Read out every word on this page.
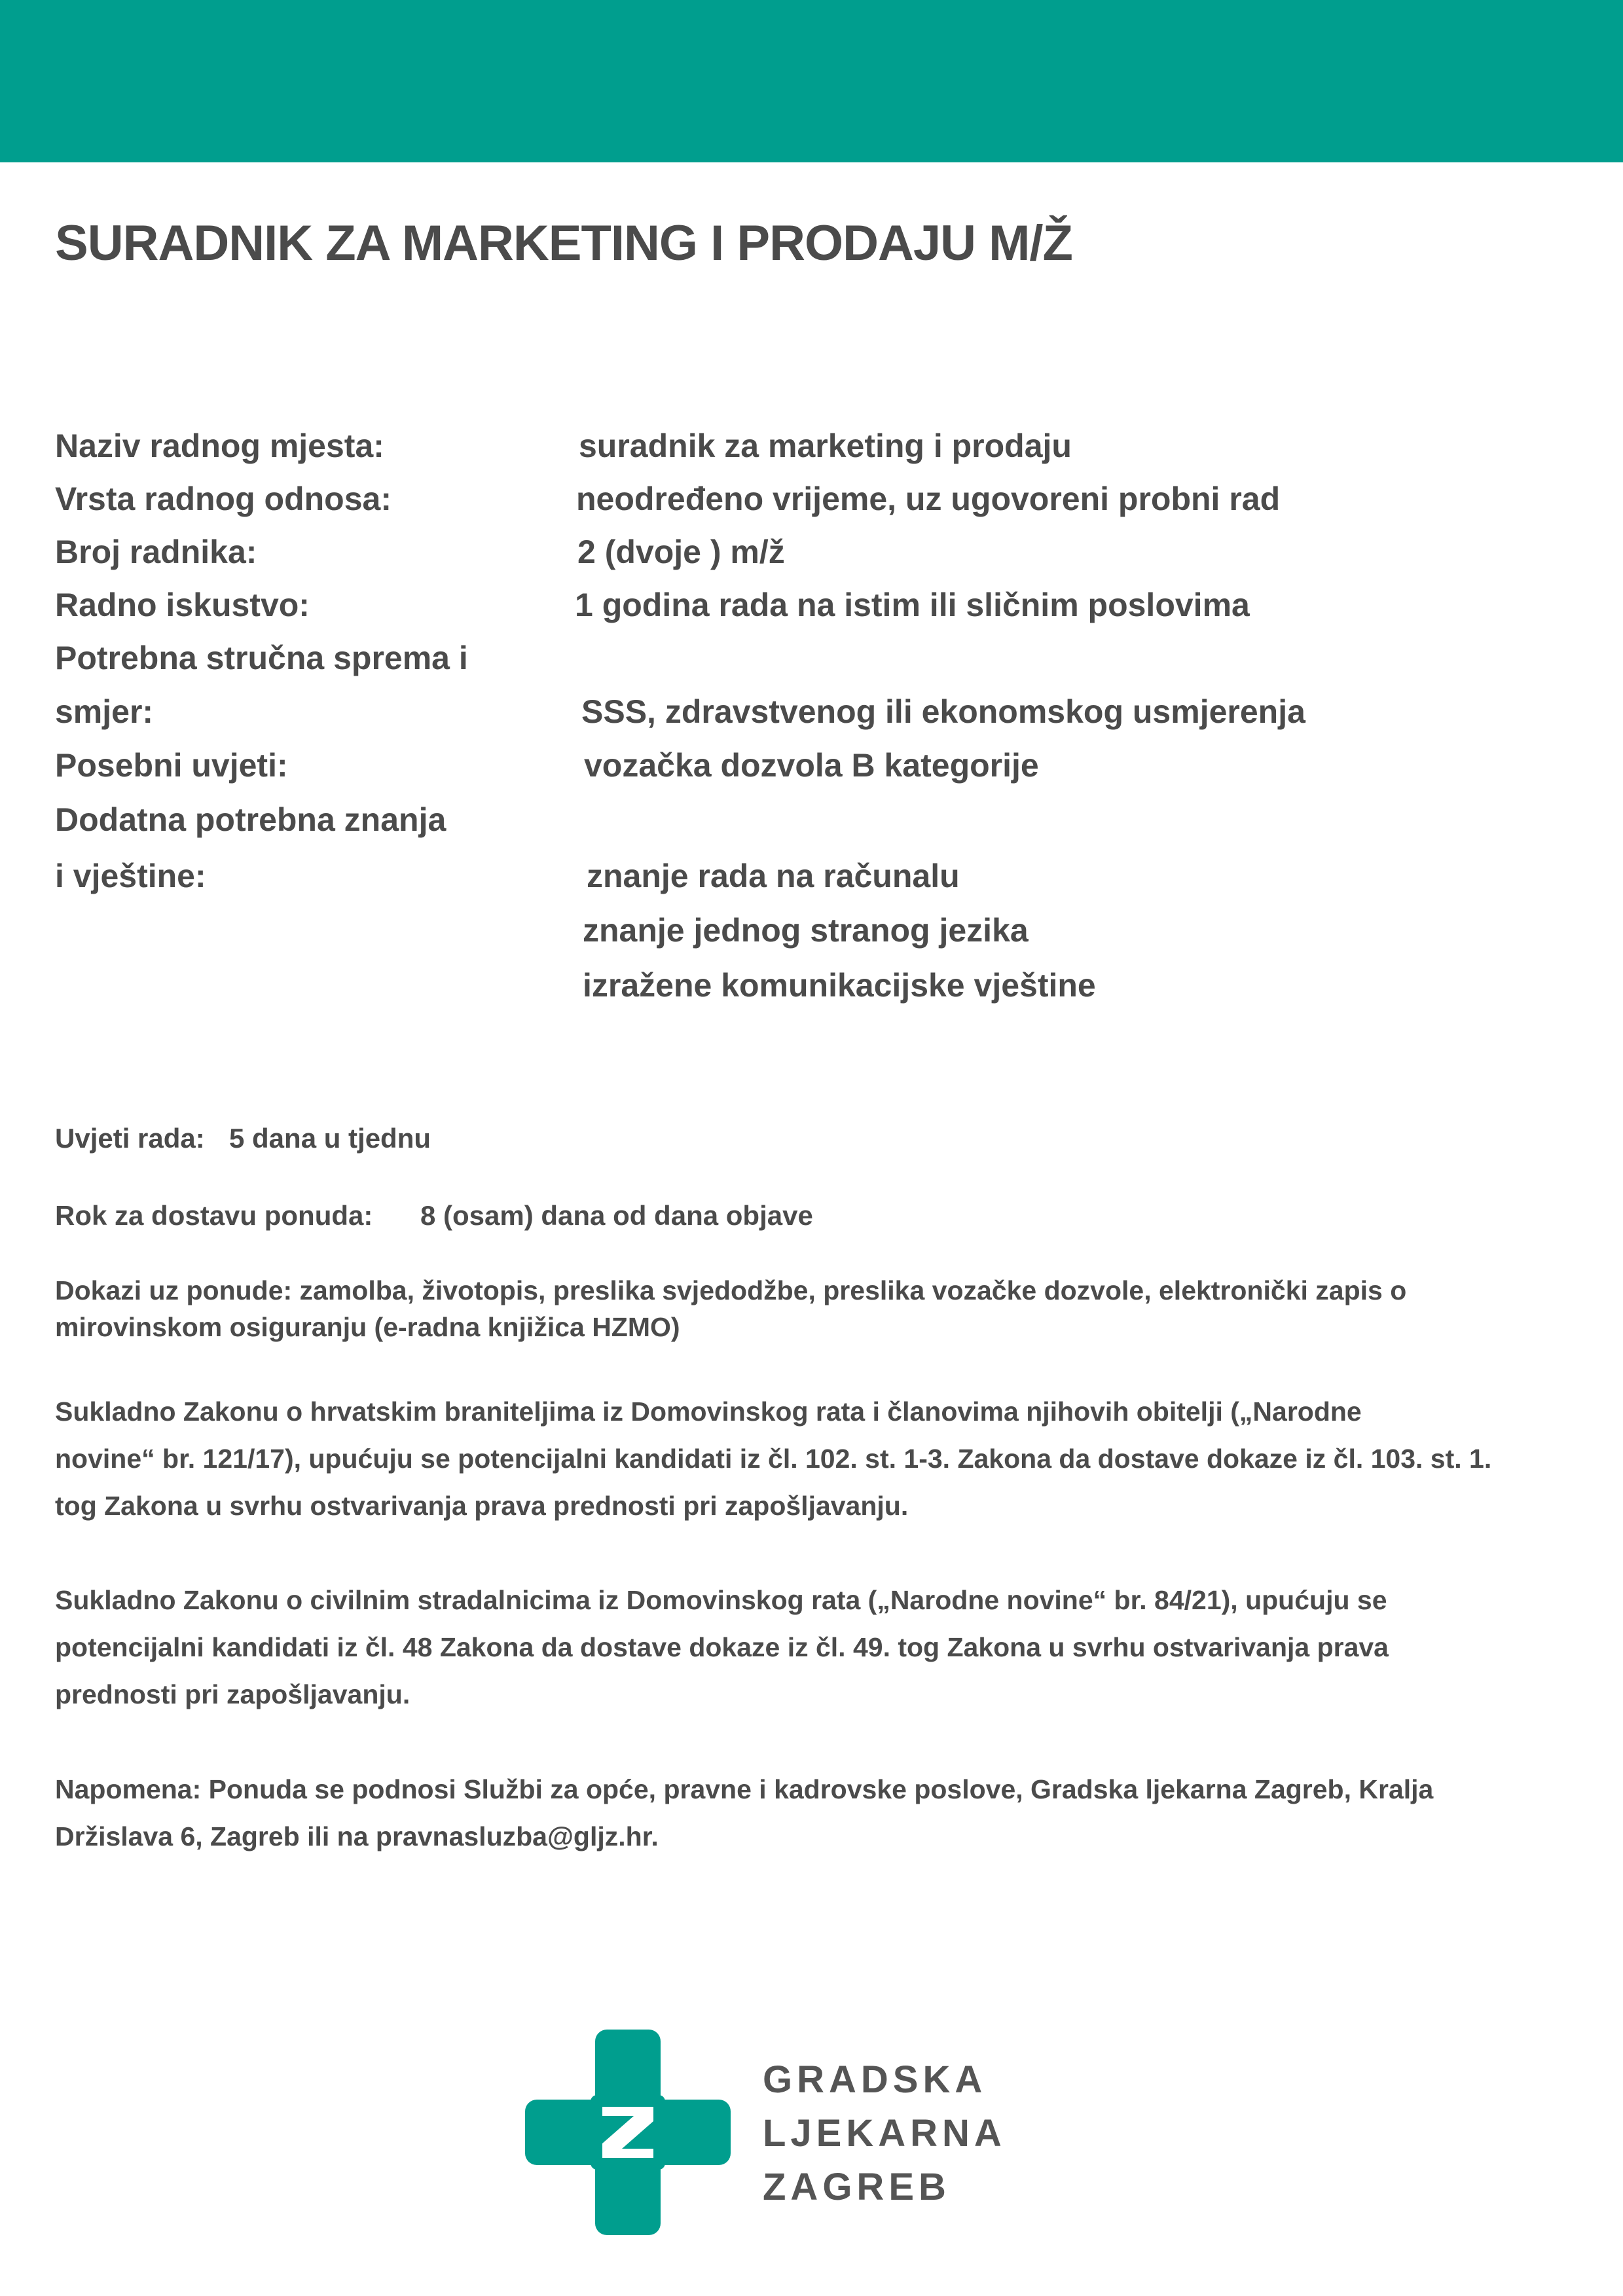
SURADNIK ZA MARKETING I PRODAJU M/Ž
Naziv radnog mjesta:	suradnik za marketing i prodaju
Vrsta radnog odnosa:	neodređeno vrijeme, uz ugovoreni probni rad
Broj radnika:	2 (dvoje ) m/ž
Radno iskustvo:	1 godina rada na istim ili sličnim poslovima
Potrebna stručna sprema i
smjer:	SSS, zdravstvenog ili ekonomskog usmjerenja
Posebni uvjeti:	vozačka dozvola B kategorije
Dodatna potrebna znanja
i vještine:	znanje rada na računalu
znanje jednog stranog jezika
izražene komunikacijske vještine
Uvjeti rada: 5 dana u tjednu
Rok za dostavu ponuda: 8 (osam) dana od dana objave
Dokazi uz ponude: zamolba, životopis, preslika svjedodžbe, preslika vozačke dozvole, elektronički zapis o
mirovinskom osiguranju (e-radna knjižica HZMO)
Sukladno Zakonu o hrvatskim braniteljima iz Domovinskog rata i članovima njihovih obitelji („Narodne
novine“ br. 121/17), upućuju se potencijalni kandidati iz čl. 102. st. 1-3. Zakona da dostave dokaze iz čl. 103. st. 1.
tog Zakona u svrhu ostvarivanja prava prednosti pri zapošljavanju.
Sukladno Zakonu o civilnim stradalnicima iz Domovinskog rata („Narodne novine“ br. 84/21), upućuju se
potencijalni kandidati iz čl. 48 Zakona da dostave dokaze iz čl. 49. tog Zakona u svrhu ostvarivanja prava
prednosti pri zapošljavanju.
Napomena: Ponuda se podnosi Službi za opće, pravne i kadrovske poslove, Gradska ljekarna Zagreb, Kralja
Držislava 6, Zagreb ili na pravnasluzba@gljz.hr.
GRADSKA
LJEKARNA
ZAGREB
